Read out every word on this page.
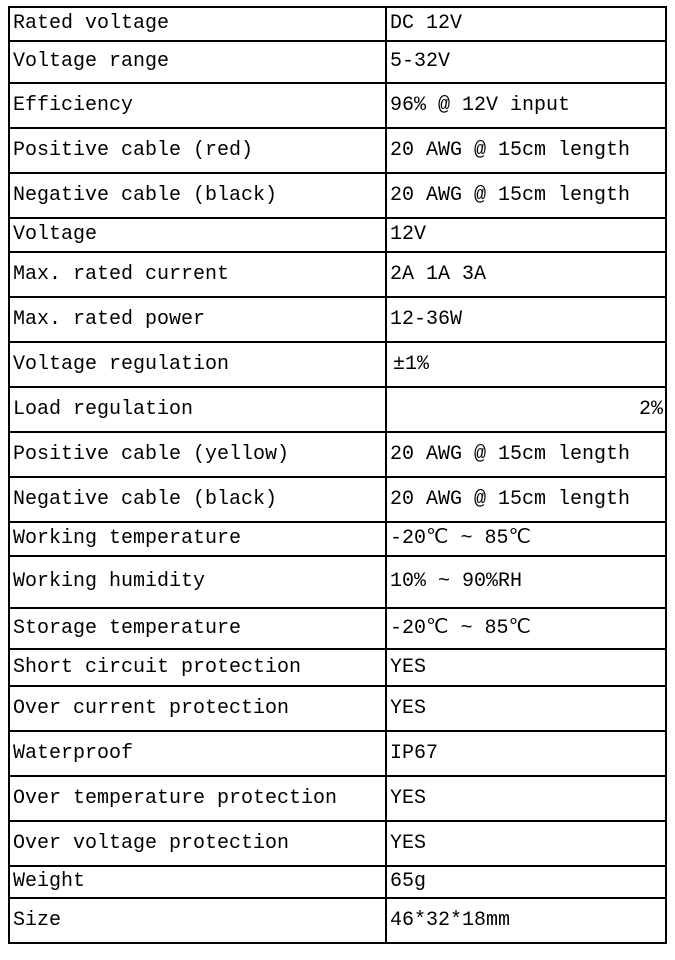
Rated voltage	DC 12V
Voltage range	5-32V
Efficiency	96% @ 12V input
Positive cable (red)	20 AWG @ 15cm length
Negative cable (black)	20 AWG @ 15cm length
Voltage	12V
Max. rated current	2A 1A 3A
Max. rated power	12-36W
Voltage regulation	±1%
Load regulation	2%
Positive cable (yellow)	20 AWG @ 15cm length
Negative cable (black)	20 AWG @ 15cm length
Working temperature	-20℃ ~ 85℃
Working humidity	10% ~ 90%RH
Storage temperature	-20℃ ~ 85℃
Short circuit protection	YES
Over current protection	YES
Waterproof	IP67
Over temperature protection	YES
Over voltage protection	YES
Weight	65g
Size	46*32*18mm
